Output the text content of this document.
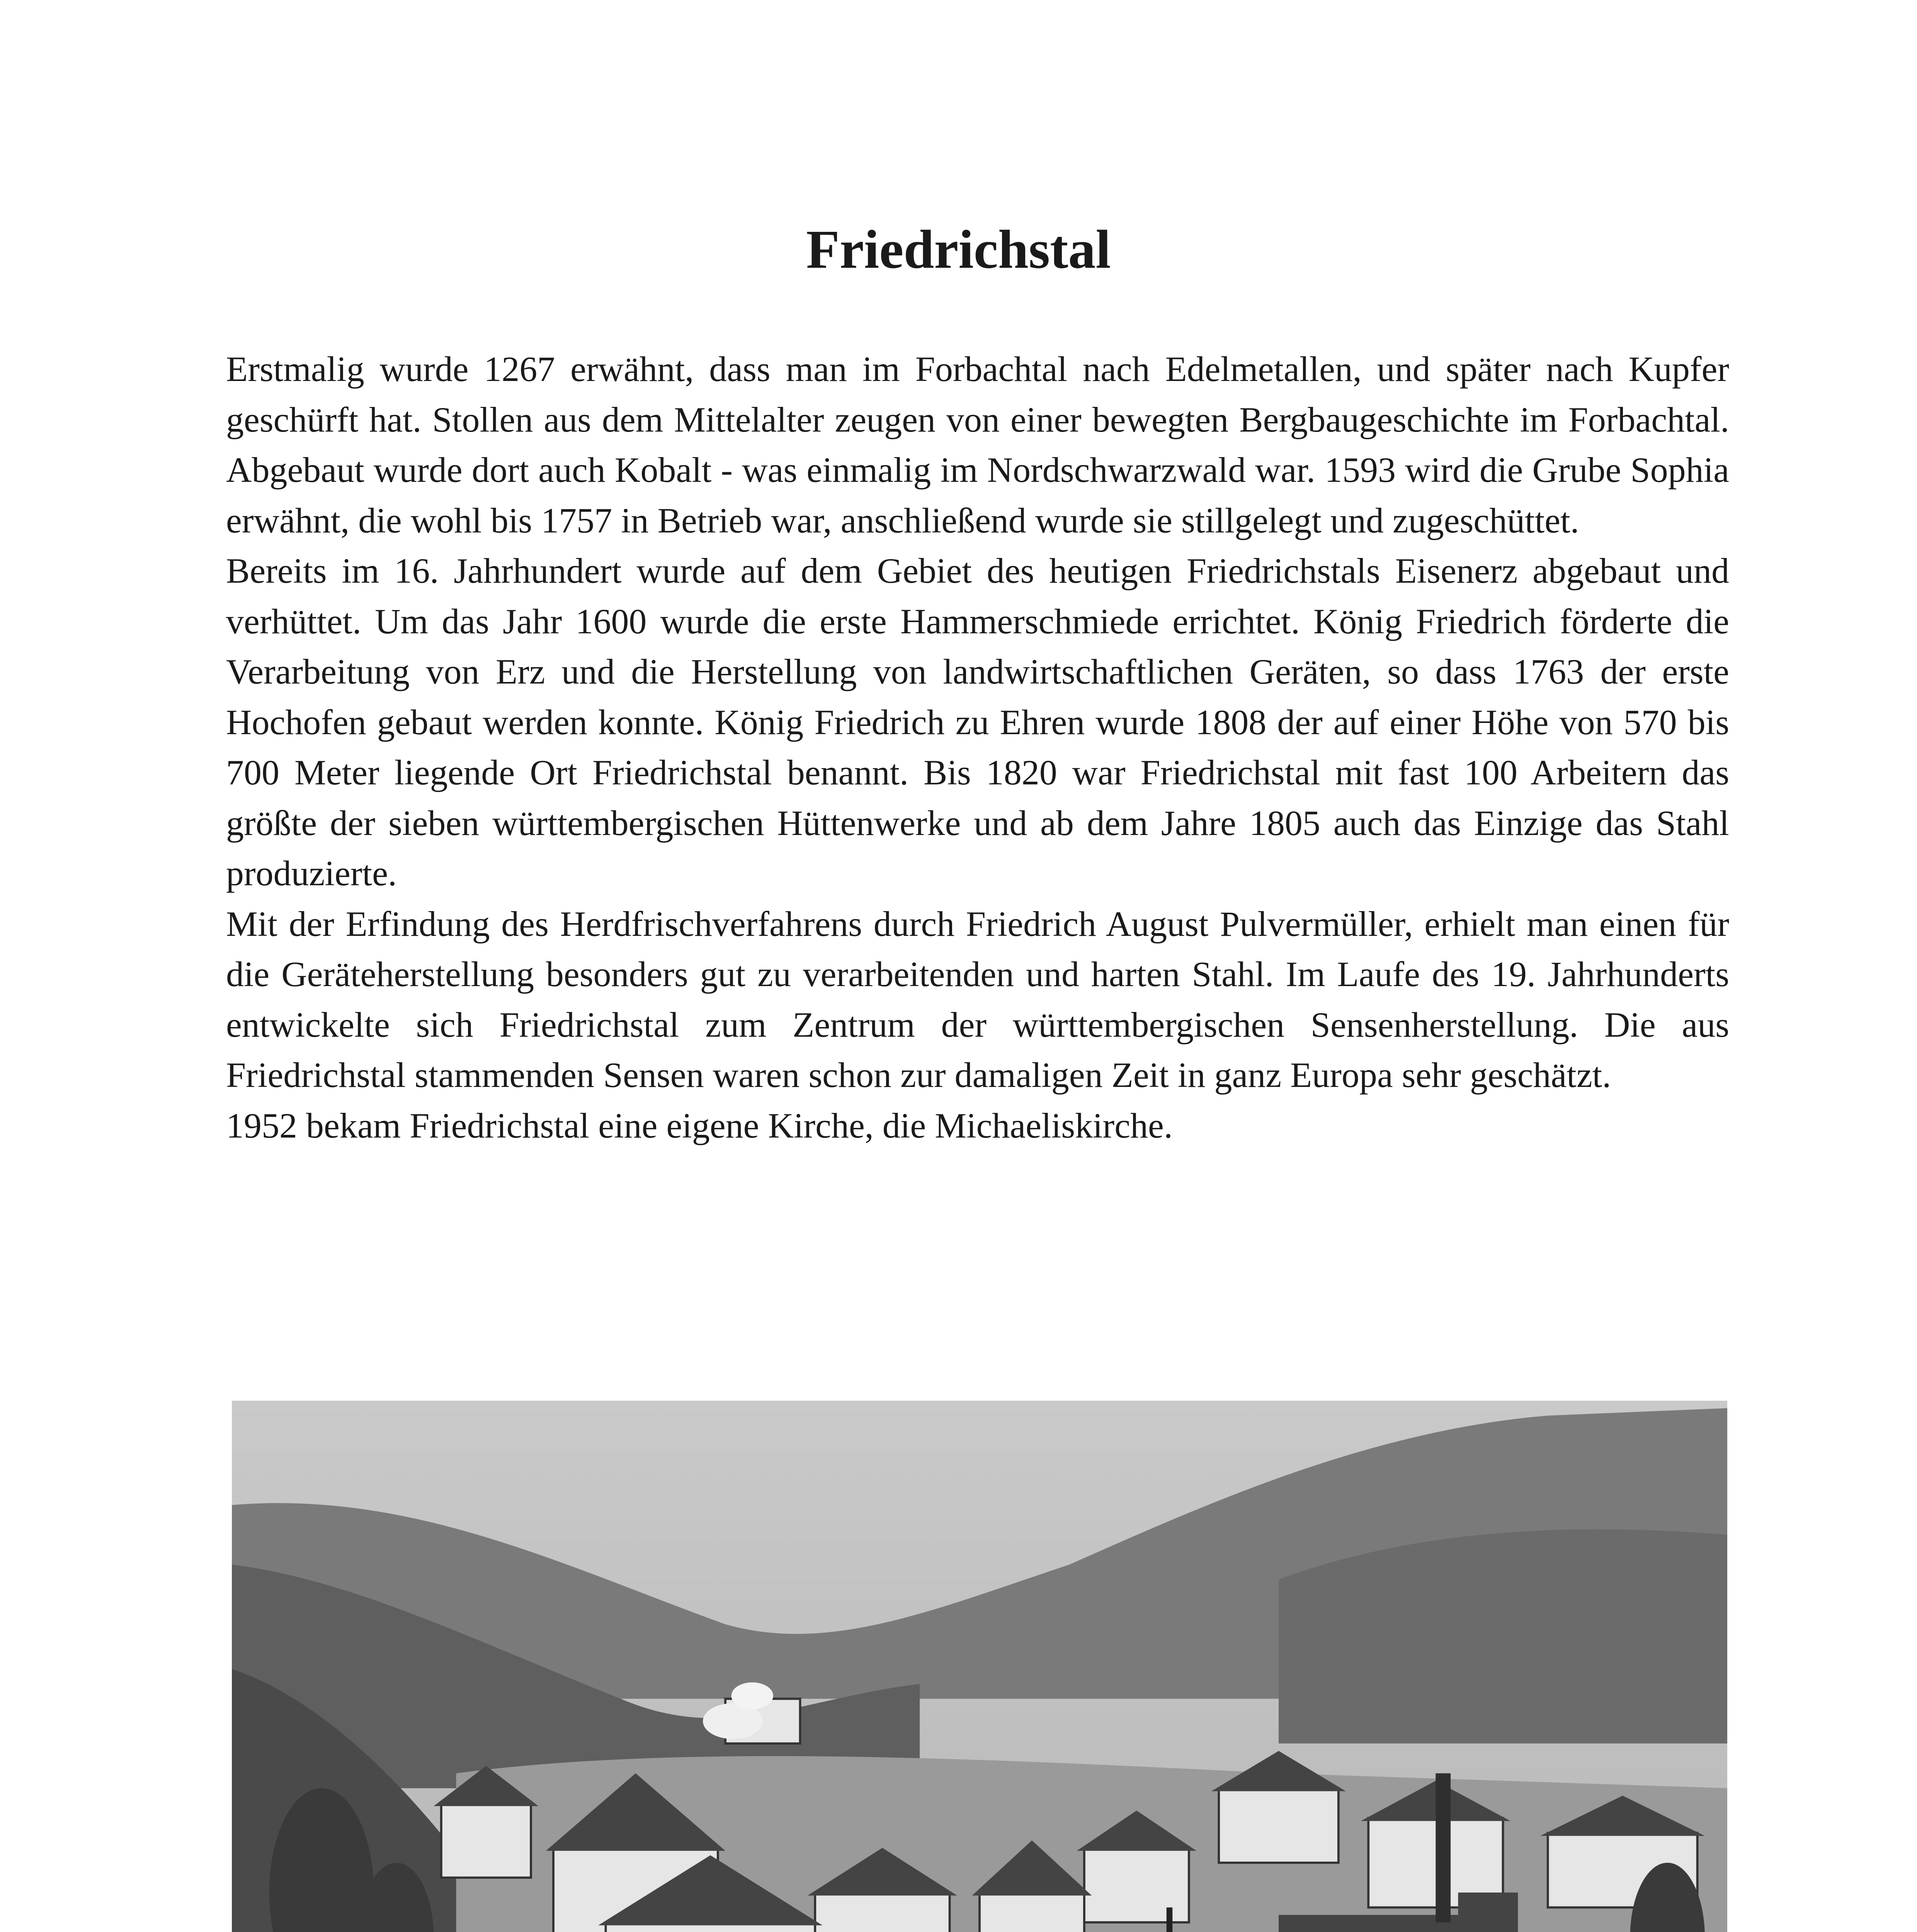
Friedrichstal

Erstmalig wurde 1267 erwähnt, dass man im Forbachtal nach Edelmetallen, und später nach Kupfer geschürft hat. Stollen aus dem Mittelalter zeugen von einer bewegten Bergbaugeschichte im Forbachtal. Abgebaut wurde dort auch Kobalt - was einmalig im Nordschwarzwald war. 1593 wird die Grube Sophia erwähnt, die wohl bis 1757 in Betrieb war, anschließend wurde sie stillgelegt und zugeschüttet.

Bereits im 16. Jahrhundert wurde auf dem Gebiet des heutigen Friedrichstals Eisenerz abgebaut und verhüttet. Um das Jahr 1600 wurde die erste Hammerschmiede errichtet. König Friedrich förderte die Verarbeitung von Erz und die Herstellung von landwirtschaftlichen Geräten, so dass 1763 der erste Hochofen gebaut werden konnte. König Friedrich zu Ehren wurde 1808 der auf einer Höhe von 570 bis 700 Meter liegende Ort Friedrichstal benannt. Bis 1820 war Friedrichstal mit fast 100 Arbeitern das größte der sieben württembergischen Hüttenwerke und ab dem Jahre 1805 auch das Einzige das Stahl produzierte.

Mit der Erfindung des Herdfrischverfahrens durch Friedrich August Pulvermüller, erhielt man einen für die Geräteherstellung besonders gut zu verarbeitenden und harten Stahl. Im Laufe des 19. Jahrhunderts entwickelte sich Friedrichstal zum Zentrum der württembergischen Sensenherstellung. Die aus Friedrichstal stammenden Sensen waren schon zur damaligen Zeit in ganz Europa sehr geschätzt.

1952 bekam Friedrichstal eine eigene Kirche, die Michaeliskirche.
